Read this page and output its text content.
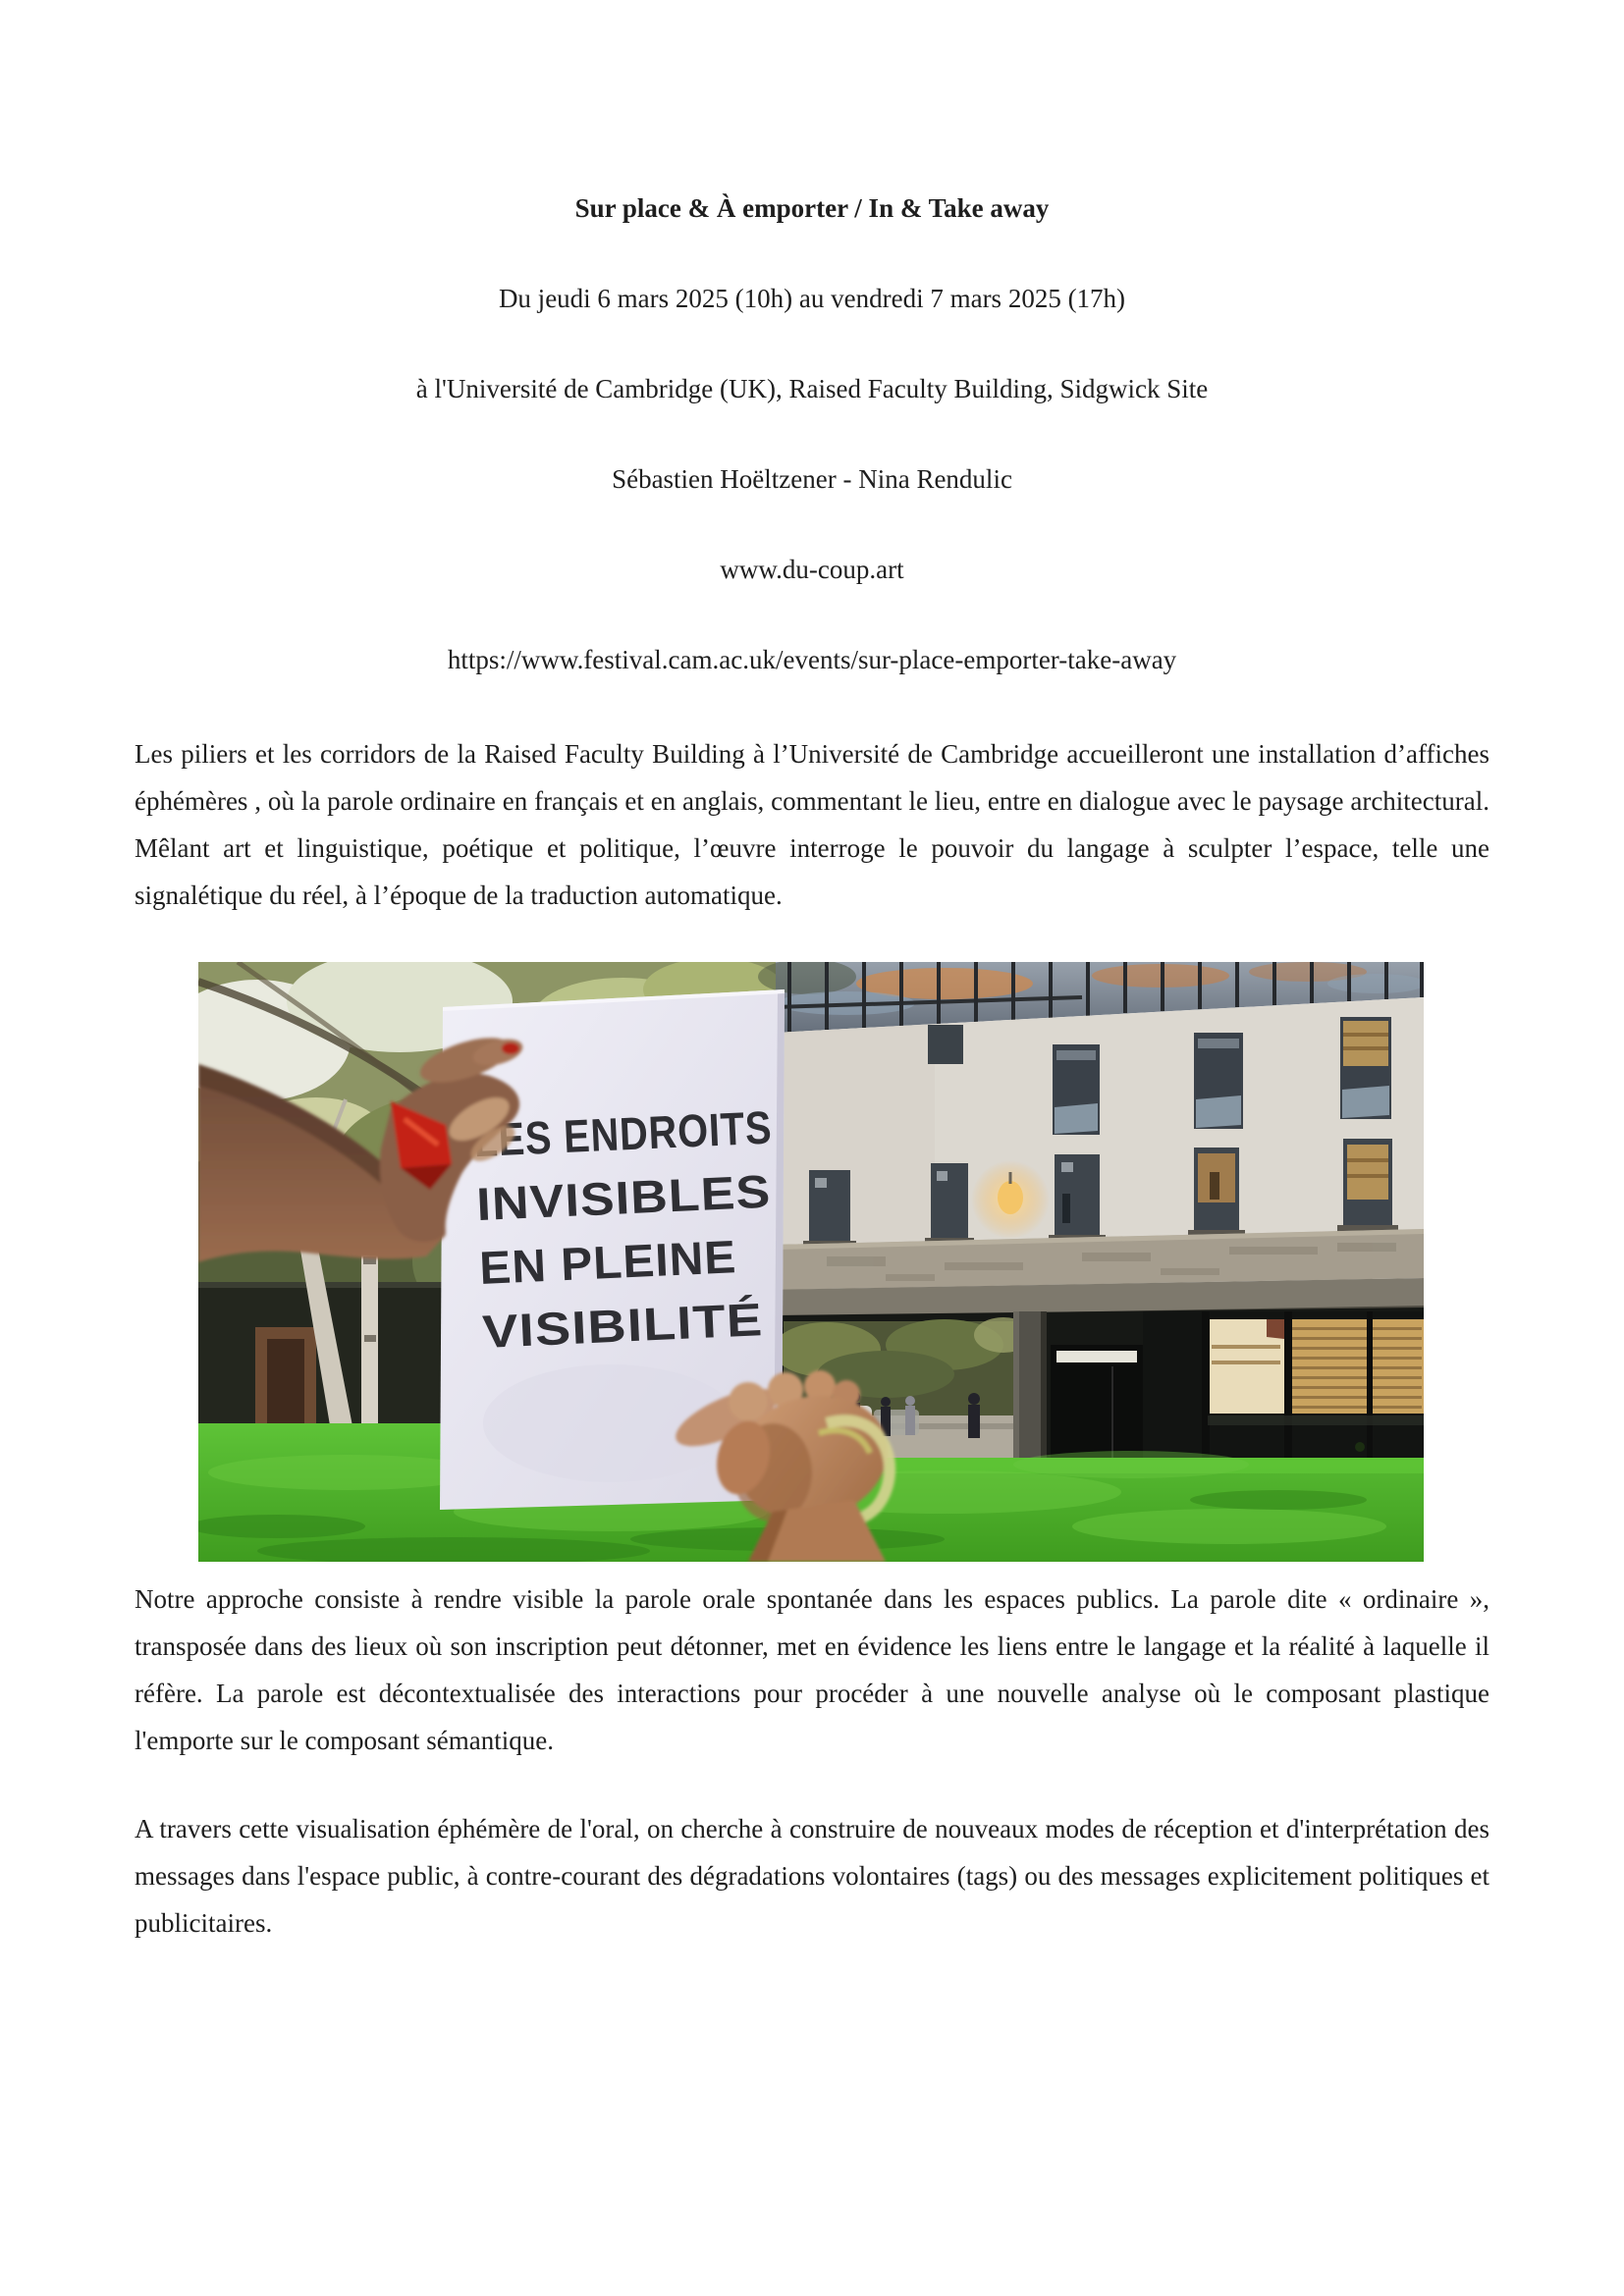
Sur place & À emporter / In & Take away

Du jeudi 6 mars 2025 (10h) au vendredi 7 mars 2025 (17h)

à l'Université de Cambridge (UK), Raised Faculty Building, Sidgwick Site

Sébastien Hoëltzener - Nina Rendulic

www.du-coup.art

https://www.festival.cam.ac.uk/events/sur-place-emporter-take-away

Les piliers et les corridors de la Raised Faculty Building à l’Université de Cambridge accueilleront une installation d’affiches éphémères , où la parole ordinaire en français et en anglais, commentant le lieu, entre en dialogue avec le paysage architectural. Mêlant art et linguistique, poétique et politique, l’œuvre interroge le pouvoir du langage à sculpter l’espace, telle une signalétique du réel, à l’époque de la traduction automatique.

LES ENDROITS
INVISIBLES
EN PLEINE
VISIBILITÉ

Notre approche consiste à rendre visible la parole orale spontanée dans les espaces publics. La parole dite « ordinaire », transposée dans des lieux où son inscription peut détonner, met en évidence les liens entre le langage et la réalité à laquelle il réfère. La parole est décontextualisée des interactions pour procéder à une nouvelle analyse où le composant plastique l'emporte sur le composant sémantique.

A travers cette visualisation éphémère de l'oral, on cherche à construire de nouveaux modes de réception et d'interprétation des messages dans l'espace public, à contre-courant des dégradations volontaires (tags) ou des messages explicitement politiques et publicitaires.
